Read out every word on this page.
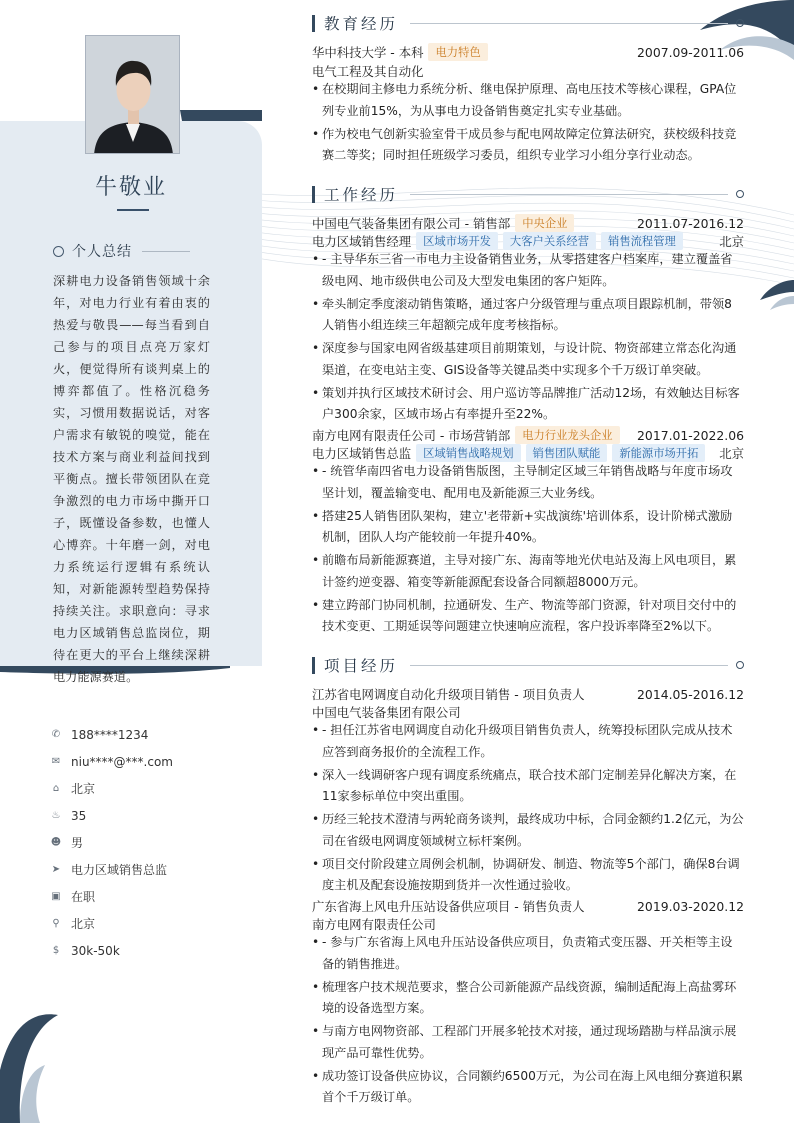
牛敬业
个人总结
深耕电力设备销售领域十余年，对电力行业有着由衷的热爱与敬畏——每当看到自己参与的项目点亮万家灯火，便觉得所有谈判桌上的博弈都值了。性格沉稳务实，习惯用数据说话，对客户需求有敏锐的嗅觉，能在技术方案与商业利益间找到平衡点。擅长带领团队在竞争激烈的电力市场中撕开口子，既懂设备参数，也懂人心博弈。十年磨一剑，对电力系统运行逻辑有系统认知，对新能源转型趋势保持持续关注。求职意向：寻求电力区域销售总监岗位，期待在更大的平台上继续深耕电力能源赛道。
✆ 188****1234
✉ niu****@***.com
⌂ 北京
♨ 35
☻ 男
➤ 电力区域销售总监
▣ 在职
⚲ 北京
$ 30k-50k
教育经历
华中科技大学 - 本科	电力特色	2007.09-2011.06
电气工程及其自动化
• 在校期间主修电力系统分析、继电保护原理、高电压技术等核心课程，GPA位列专业前15%，为从事电力设备销售奠定扎实专业基础。
• 作为校电气创新实验室骨干成员参与配电网故障定位算法研究，获校级科技竞赛二等奖；同时担任班级学习委员，组织专业学习小组分享行业动态。
工作经历
中国电气装备集团有限公司 - 销售部	中央企业	2011.07-2016.12
电力区域销售经理	区域市场开发	大客户关系经营	销售流程管理	北京
• - 主导华东三省一市电力主设备销售业务，从零搭建客户档案库，建立覆盖省级电网、地市级供电公司及大型发电集团的客户矩阵。
• 牵头制定季度滚动销售策略，通过客户分级管理与重点项目跟踪机制，带领8人销售小组连续三年超额完成年度考核指标。
• 深度参与国家电网省级基建项目前期策划，与设计院、物资部建立常态化沟通渠道，在变电站主变、GIS设备等关键品类中实现多个千万级订单突破。
• 策划并执行区域技术研讨会、用户巡访等品牌推广活动12场，有效触达目标客户300余家，区域市场占有率提升至22%。
南方电网有限责任公司 - 市场营销部	电力行业龙头企业	2017.01-2022.06
电力区域销售总监	区域销售战略规划	销售团队赋能	新能源市场开拓	北京
• - 统管华南四省电力设备销售版图，主导制定区域三年销售战略与年度市场攻坚计划，覆盖输变电、配用电及新能源三大业务线。
• 搭建25人销售团队架构，建立'老带新+实战演练'培训体系，设计阶梯式激励机制，团队人均产能较前一年提升40%。
• 前瞻布局新能源赛道，主导对接广东、海南等地光伏电站及海上风电项目，累计签约逆变器、箱变等新能源配套设备合同额超8000万元。
• 建立跨部门协同机制，拉通研发、生产、物流等部门资源，针对项目交付中的技术变更、工期延误等问题建立快速响应流程，客户投诉率降至2%以下。
项目经历
江苏省电网调度自动化升级项目销售 - 项目负责人	2014.05-2016.12
中国电气装备集团有限公司
• - 担任江苏省电网调度自动化升级项目销售负责人，统筹投标团队完成从技术应答到商务报价的全流程工作。
• 深入一线调研客户现有调度系统痛点，联合技术部门定制差异化解决方案，在11家参标单位中突出重围。
• 历经三轮技术澄清与两轮商务谈判，最终成功中标，合同金额约1.2亿元，为公司在省级电网调度领域树立标杆案例。
• 项目交付阶段建立周例会机制，协调研发、制造、物流等5个部门，确保8台调度主机及配套设施按期到货并一次性通过验收。
广东省海上风电升压站设备供应项目 - 销售负责人	2019.03-2020.12
南方电网有限责任公司
• - 参与广东省海上风电升压站设备供应项目，负责箱式变压器、开关柜等主设备的销售推进。
• 梳理客户技术规范要求，整合公司新能源产品线资源，编制适配海上高盐雾环境的设备选型方案。
• 与南方电网物资部、工程部门开展多轮技术对接，通过现场踏勘与样品演示展现产品可靠性优势。
• 成功签订设备供应协议，合同额约6500万元，为公司在海上风电细分赛道积累首个千万级订单。
